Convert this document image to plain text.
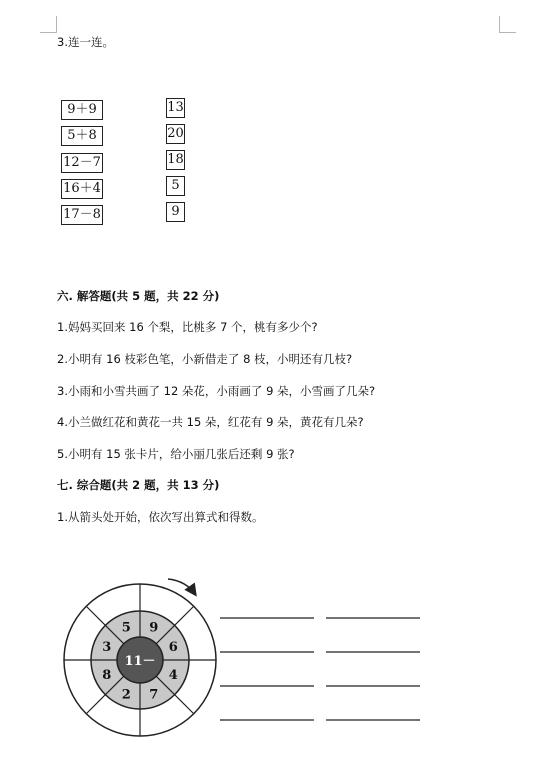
3.连一连。
9＋9
5＋8
12－7
16＋4
17－8
13
20
18
5
9
六. 解答题(共 5 题，共 22 分)
1.妈妈买回来 16 个梨，比桃多 7 个，桃有多少个?
2.小明有 16 枝彩色笔，小新借走了 8 枝，小明还有几枝?
3.小雨和小雪共画了 12 朵花，小雨画了 9 朵，小雪画了几朵?
4.小兰做红花和黄花一共 15 朵，红花有 9 朵，黄花有几朵?
5.小明有 15 张卡片，给小丽几张后还剩 9 张?
七. 综合题(共 2 题，共 13 分)
1.从箭头处开始，依次写出算式和得数。
9
6
4
7
2
8
3
5
11－
